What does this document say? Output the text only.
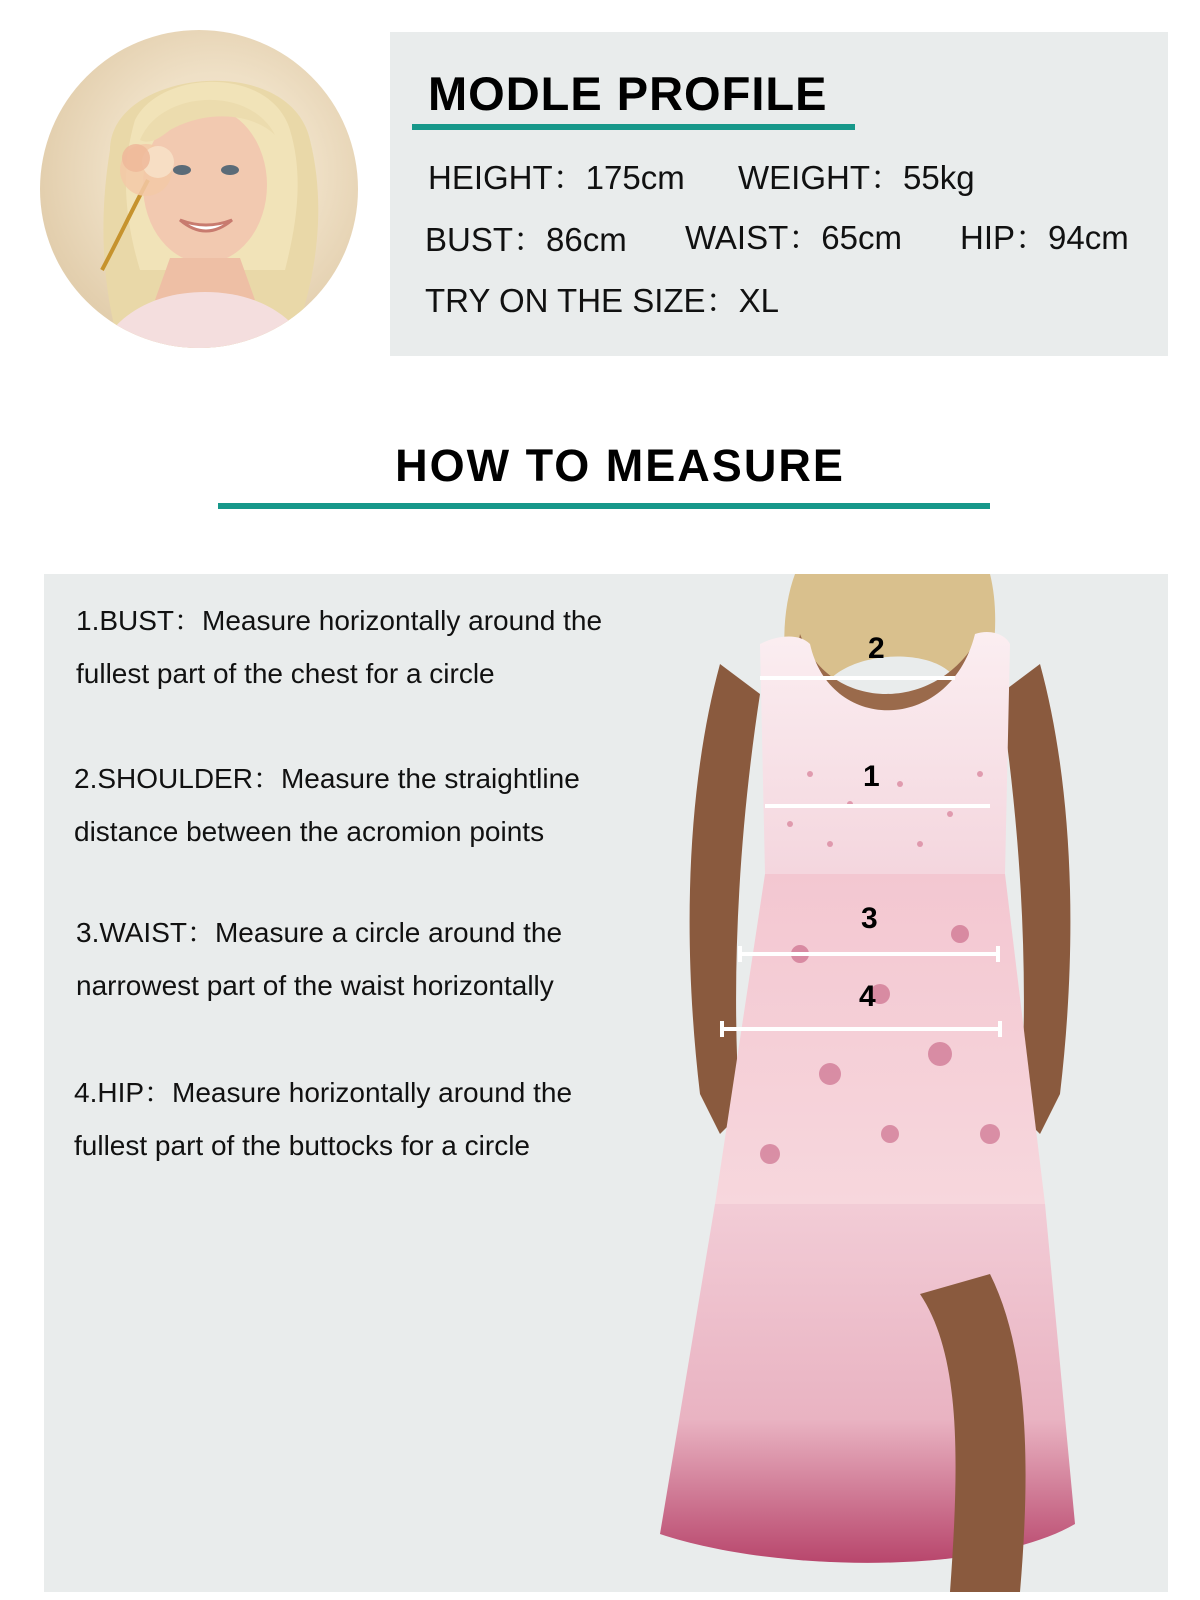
MODLE PROFILE
HEIGHT：175cm WEIGHT：55kg
BUST：86cm WAIST：65cm HIP：94cm
TRY ON THE SIZE：XL
HOW TO MEASURE
1.BUST：Measure horizontally around the
fullest part of the chest for a circle
2.SHOULDER：Measure the straightline
distance between the acromion points
3.WAIST：Measure a circle around the
narrowest part of the waist horizontally
4.HIP：Measure horizontally around the
fullest part of the buttocks for a circle
2
1
3
4
